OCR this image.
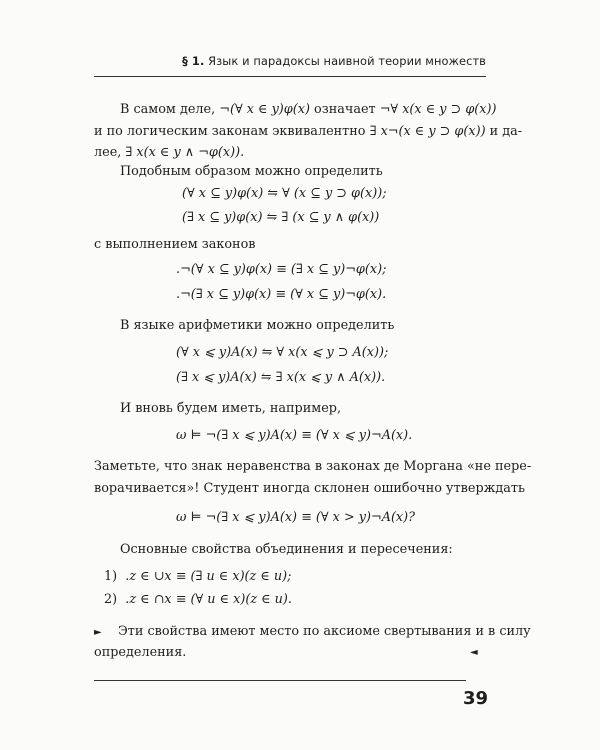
§ 1. Язык и парадоксы наивной теории множеств
В самом деле, ¬(∀ x ∈ y)φ(x) означает ¬∀ x(x ∈ y ⊃ φ(x))
и по логическим законам эквивалентно ∃ x¬(x ∈ y ⊃ φ(x)) и да-
лее, ∃ x(x ∈ y ∧ ¬φ(x)).
Подобным образом можно определить
(∀ x ⊆ y)φ(x) ⇋ ∀ (x ⊆ y ⊃ φ(x));
(∃ x ⊆ y)φ(x) ⇋ ∃ (x ⊆ y ∧ φ(x))
с выполнением законов
.¬(∀ x ⊆ y)φ(x) ≡ (∃ x ⊆ y)¬φ(x);
.¬(∃ x ⊆ y)φ(x) ≡ (∀ x ⊆ y)¬φ(x).
В языке арифметики можно определить
(∀ x ⩽ y)A(x) ⇋ ∀ x(x ⩽ y ⊃ A(x));
(∃ x ⩽ y)A(x) ⇋ ∃ x(x ⩽ y ∧ A(x)).
И вновь будем иметь, например,
ω ⊨ ¬(∃ x ⩽ y)A(x) ≡ (∀ x ⩽ y)¬A(x).
Заметьте, что знак неравенства в законах де Моргана «не пере-
ворачивается»! Студент иногда склонен ошибочно утверждать
ω ⊨ ¬(∃ x ⩽ y)A(x) ≡ (∀ x > y)¬A(x)?
Основные свойства объединения и пересечения:
1) .z ∈ ∪x ≡ (∃ u ∈ x)(z ∈ u);
2) .z ∈ ∩x ≡ (∀ u ∈ x)(z ∈ u).
► Эти свойства имеют место по аксиоме свертывания и в силу
определения.	◄
39
